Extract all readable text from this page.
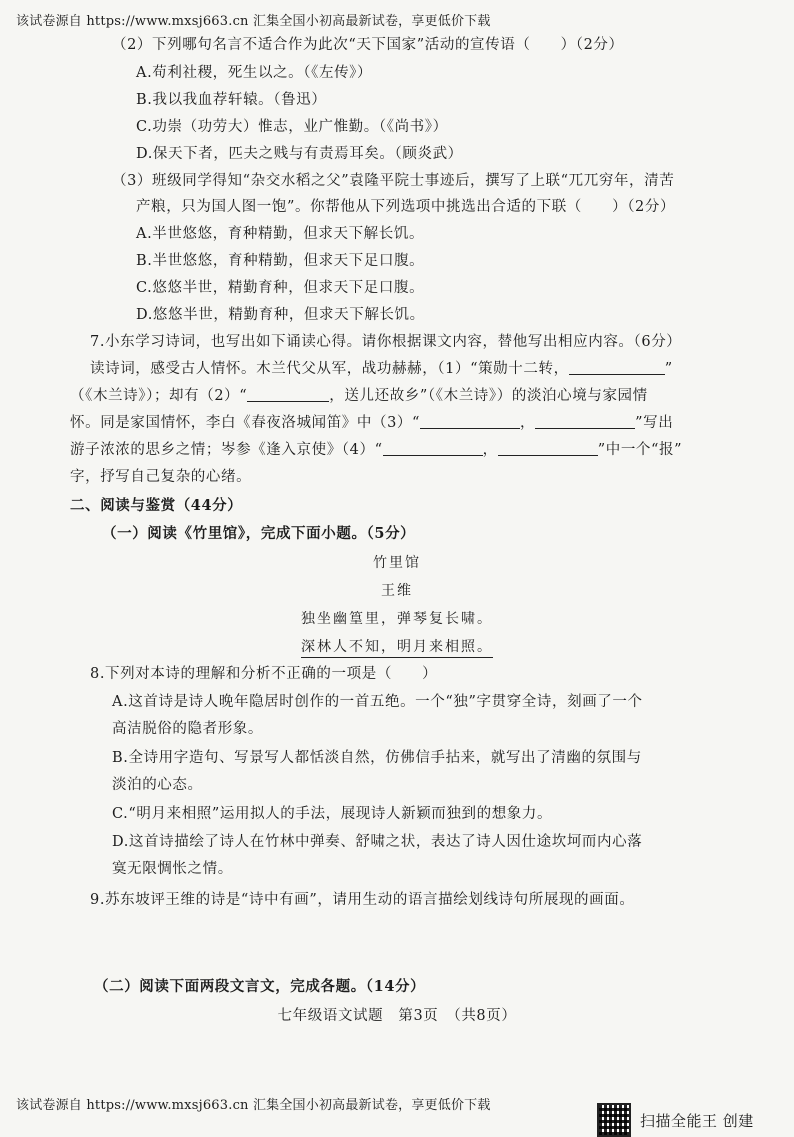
该试卷源自 https://www.mxsj663.cn 汇集全国小初高最新试卷，享更低价下载
（2）下列哪句名言不适合作为此次“天下国家”活动的宣传语（　　）（2分）
A.苟利社稷，死生以之。（《左传》）
B.我以我血荐轩辕。（鲁迅）
C.功崇（功劳大）惟志，业广惟勤。（《尚书》）
D.保天下者，匹夫之贱与有责焉耳矣。（顾炎武）
（3）班级同学得知“杂交水稻之父”袁隆平院士事迹后，撰写了上联“兀兀穷年，清苦
产粮，只为国人图一饱”。你帮他从下列选项中挑选出合适的下联（　　）（2分）
A.半世悠悠，育种精勤，但求天下解长饥。
B.半世悠悠，育种精勤，但求天下足口腹。
C.悠悠半世，精勤育种，但求天下足口腹。
D.悠悠半世，精勤育种，但求天下解长饥。
7.小东学习诗词，也写出如下诵读心得。请你根据课文内容，替他写出相应内容。（6分）
读诗词，感受古人情怀。木兰代父从军，战功赫赫，（1）“策勋十二转，	”
（《木兰诗》）；却有（2）“	，送儿还故乡”（《木兰诗》）的淡泊心境与家园情
怀。同是家国情怀，李白《春夜洛城闻笛》中（3）“	，	”写出
游子浓浓的思乡之情；岑参《逢入京使》（4）“	，	”中一个“报”
字，抒写自己复杂的心绪。
二、阅读与鉴赏（44分）
（一）阅读《竹里馆》，完成下面小题。（5分）
竹里馆
王维
独坐幽篁里，弹琴复长啸。
深林人不知，明月来相照。
8.下列对本诗的理解和分析不正确的一项是（　　）
A.这首诗是诗人晚年隐居时创作的一首五绝。一个“独”字贯穿全诗，刻画了一个
高洁脱俗的隐者形象。
B.全诗用字造句、写景写人都恬淡自然，仿佛信手拈来，就写出了清幽的氛围与
淡泊的心态。
C.“明月来相照”运用拟人的手法，展现诗人新颖而独到的想象力。
D.这首诗描绘了诗人在竹林中弹奏、舒啸之状，表达了诗人因仕途坎坷而内心落
寞无限惆怅之情。
9.苏东坡评王维的诗是“诗中有画”，请用生动的语言描绘划线诗句所展现的画面。
（二）阅读下面两段文言文，完成各题。（14分）
七年级语文试题　第3页　（共8页）
该试卷源自 https://www.mxsj663.cn 汇集全国小初高最新试卷，享更低价下载
扫描全能王 创建
